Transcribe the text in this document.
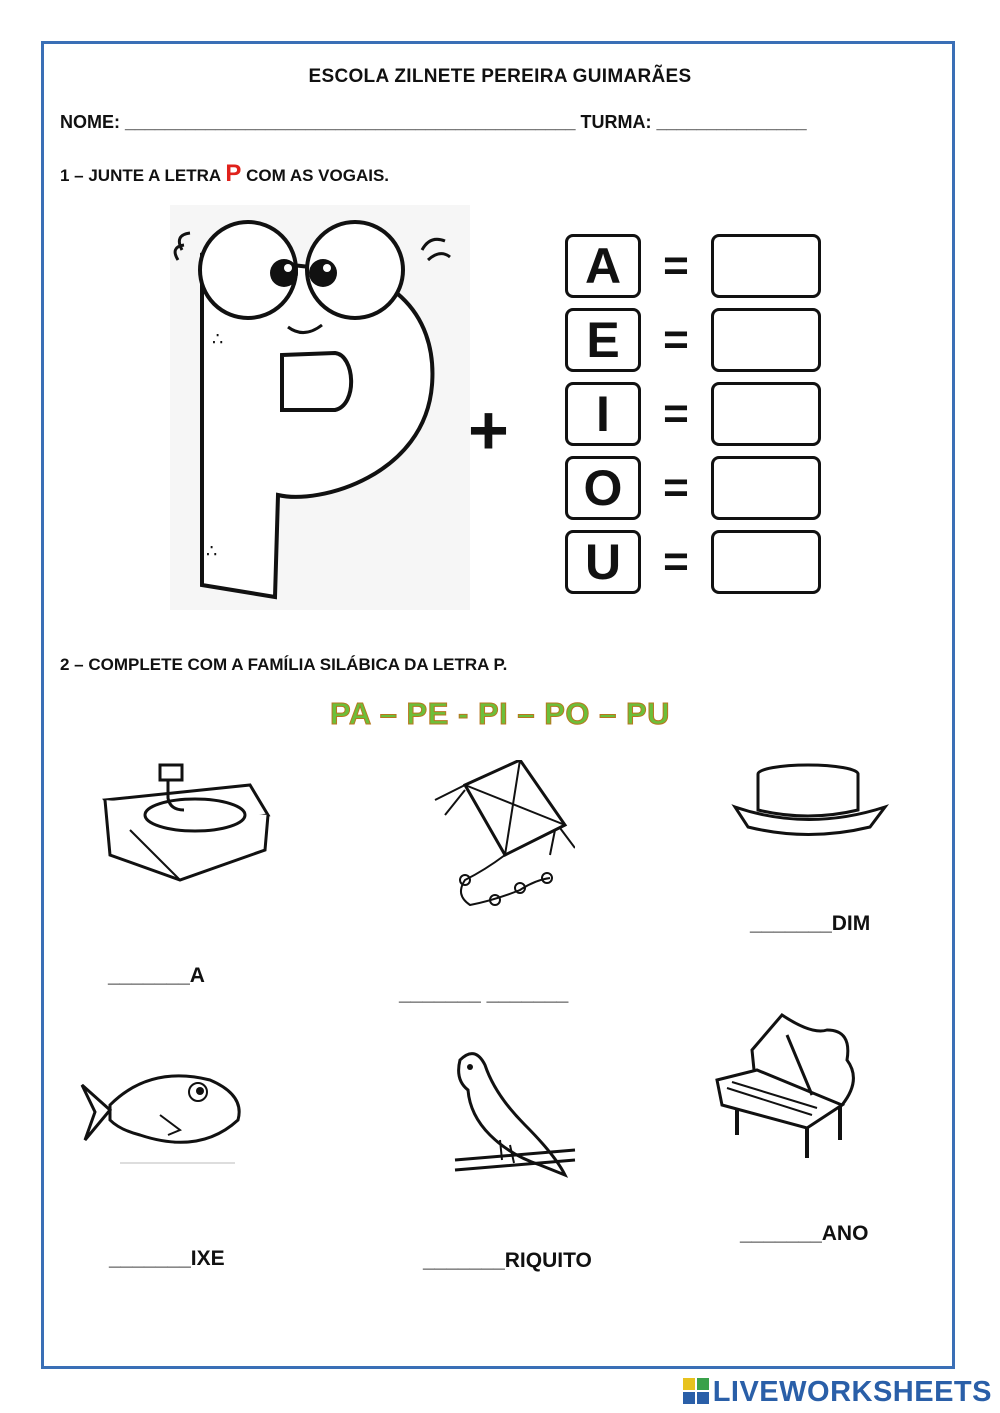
ESCOLA ZILNETE PEREIRA GUIMARÃES
NOME: _____________________________________________ TURMA: _______________
1 – JUNTE A LETRA P COM AS VOGAIS.
∴
∴
+
A =
E =
I	=
O =
U =
2 – COMPLETE COM A FAMÍLIA SILÁBICA DA LETRA P.
PA – PE - PI – PO – PU
_______A
_______ _______
_______DIM
_______IXE	_______RIQUITO
_______ANO
LIVEWORKSHEETS
